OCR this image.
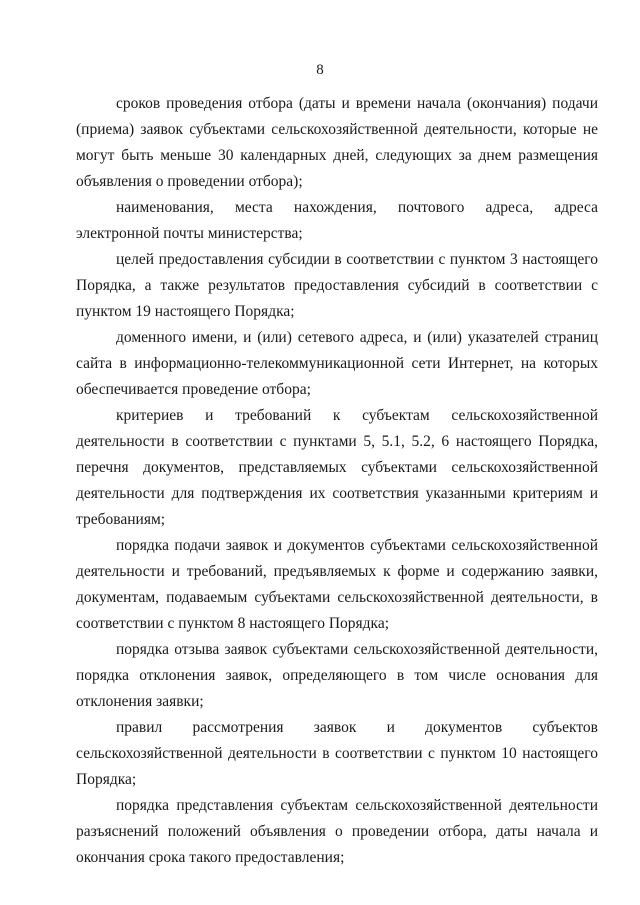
8

сроков проведения отбора (даты и времени начала (окончания) подачи (приема) заявок субъектами сельскохозяйственной деятельности, которые не могут быть меньше 30 календарных дней, следующих за днем размещения объявления о проведении отбора);

наименования, места нахождения, почтового адреса, адреса электронной почты министерства;

целей предоставления субсидии в соответствии с пунктом 3 настоящего Порядка, а также результатов предоставления субсидий в соответствии с пунктом 19 настоящего Порядка;

доменного имени, и (или) сетевого адреса, и (или) указателей страниц сайта в информационно-телекоммуникационной сети Интернет, на которых обеспечивается проведение отбора;

критериев и требований к субъектам сельскохозяйственной деятельности в соответствии с пунктами 5, 5.1, 5.2, 6 настоящего Порядка, перечня документов, представляемых субъектами сельскохозяйственной деятельности для подтверждения их соответствия указанными критериям и требованиям;

порядка подачи заявок и документов субъектами сельскохозяйственной деятельности и требований, предъявляемых к форме и содержанию заявки, документам, подаваемым субъектами сельскохозяйственной деятельности, в соответствии с пунктом 8 настоящего Порядка;

порядка отзыва заявок субъектами сельскохозяйственной деятельности, порядка отклонения заявок, определяющего в том числе основания для отклонения заявки;

правил рассмотрения заявок и документов субъектов сельскохозяйственной деятельности в соответствии с пунктом 10 настоящего Порядка;

порядка представления субъектам сельскохозяйственной деятельности разъяснений положений объявления о проведении отбора, даты начала и окончания срока такого предоставления;
